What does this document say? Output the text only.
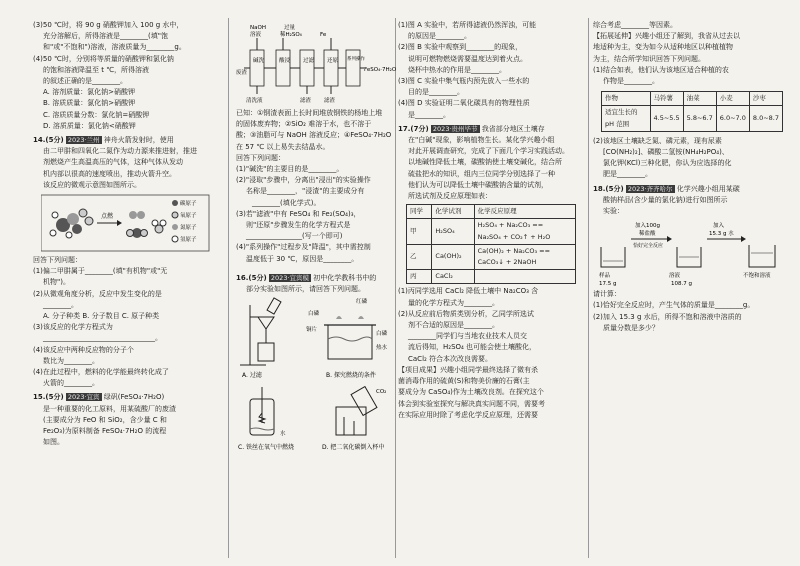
(3)50 ℃时，将 90 g 硝酸钾加入 100 g 水中，
充分溶解后，所得溶液是________(填"饱
和"或"不饱和")溶液，溶液质量为________g。
(4)50 ℃时，分别将等质量的硝酸钾和氯化钠
的饱和溶液降温至 t ℃，所得溶液
的叙述正确的是________。
A. 溶剂质量：氯化钠>硝酸钾
B. 溶质质量：氯化钠>硝酸钾
C. 溶质质量分数：氯化钠=硝酸钾
D. 溶质质量：氯化钠<硝酸钾
14.(5分) 2023·兰州 神舟火箭发射时，使用
由二甲肼和四氧化二氮作为动力源来推进射，推进
剂燃烧产生高温高压的气体，这种气体从发动
机内部以很高的速度喷出，推动火箭升空。
该反应的微观示意图如图所示。
点燃
碳原子
氧原子
氮原子
氢原子
回答下列问题：
(1)偏二甲肼属于________(填"有机物"或"无
机物")。
(2)从微观角度分析，反应中发生变化的是
________。
A. 分子种类 B. 分子数目 C. 原子种类
(3)该反应的化学方程式为
________________________________。
(4)该反应中两种反应物的分子个
数比为________。
(4)在此过程中，燃料的化学能最终转化成了
火箭的________。
15.(5分) 2023·宜宾 绿矾(FeSO₄·7H₂O)
是一种重要的化工原料，用某硫酸厂的废渣
(主要成分为 FeO 和 SiO₂，含少量 C 和
Fe₂O₃)为原料制备 FeSO₄·7H₂O 的流程
如图。
NaOH
溶液
过量
稀H₂SO₄	Fe
废渣
碱洗	酸浸 过滤 还原 系列操作
FeSO₄·7H₂O
清洗液	滤渣 滤渣
已知：①钢渣表面上长时间堆放钢铁的杨地上堆
的固体废弃物；②SiO₂ 难溶于水，也不溶于
酸；③油脂可与 NaOH 溶液反应；④FeSO₄·7H₂O
在 57 ℃ 以上易失去结晶水。
回答下列问题：
(1)"碱洗"的主要目的是________。
(2)"浸取"步骤中，分离出"浸出"的实验操作
名称是________，"浸渣"的主要成分有
________(填化学式)。
(3)若"滤液"中有 FeSO₄ 和 Fe₂(SO₄)₃，
则"还原"步骤发生的化学方程式是
________________(写一个即可)
(4)"系列操作"过程步及"降温"，其中需控制
温度低于 30 ℃，原因是________。
16.(5分) 2023·宜宾模 初中化学教科书中的
部分实验如图所示，请回答下列问题。
A. 过滤
红磷
白磷
白磷
热水
铜片
B. 探究燃烧的条件
水
C. 铁丝在氧气中燃烧
CO₂
D. 把二氧化碳倒入杯中
(1)图 A 实验中，若所得滤液仍然浑浊，可能
的原因是________。
(2)图 B 实验中观察到________的现象，
说明可燃物燃烧需要温度达到着火点。
烧杯中热水的作用是________。
(3)图 C 实验中集气瓶内预先放入一些水的
目的是________。
(4)图 D 实验证明二氧化碳具有的物理性质
是________。
17.(7分) 2023·贵州毕节 我省部分地区土壤存
在"白碱"现象，影响植物生长。某化学兴趣小组
对此开展调查研究，完成了下面几个学习实践活动。
以地碱性降低土壤，碳酸钠使土壤变碱化，结合所
硫盐把水的知识，组内三位同学分别选择了一种
他们认为可以降低土壤中碳酸钠含量的试剂，
所选试剂及反应原理如表：
同学	化学试剂	化学反应原理
甲	H₂SO₄	H₂SO₄ + Na₂CO₃ ==
Na₂SO₄ + CO₂↑ + H₂O

乙	Ca(OH)₂	Ca(OH)₂ + Na₂CO₃ ==
CaCO₃↓ + 2NaOH

丙	CaCl₂	
(1)丙同学选用 CaCl₂ 降低土壤中 Na₂CO₃ 含
量的化学方程式为________。
(2)从反应前后物质类别分析，乙同学所选试
剂不合适的原因是________。
________同学们与当地农业技术人员交
流后得知，H₂SO₄ 也可能会使土壤酸化，
CaCl₂ 符合本次改良需要。
【项目成果】兴趣小组同学最终选择了微有杀
菌消毒作用的硫黄(S)和物美价廉的石膏(主
要成分为 CaSO₄)作为土壤改良剂。在探究这个
体会到实验室探究与解决真实问题不同，需要考
在实际应用时除了考虑化学反应原理，还需要
综合考虑________等因素。
【拓展延伸】兴趣小组还了解到，我省从过去以
地适种为主，变为如今从适种地区以种植植物
为主，结合所学知识回答下列问题。
(1)结合如表，他们认为该地区适合种植的农
作物是________。
作物	马铃薯	油菜	小麦	沙枣
适宜生长的 pH 范围	4.5~5.5	5.8~6.7	6.0~7.0	8.0~8.7
(2)该地区土壤缺乏氮、磷元素，现有尿素
[CO(NH₂)₂]、磷酸二氢铵(NH₄H₂PO₄)、
氯化钾(KCl)三种化肥，你认为应选择的化
肥是________。
18.(5分) 2023·齐齐哈尔 化学兴趣小组用某碳
酸钠样品(含少量的氯化钠)进行如图所示
实验：
样品
17.5 g
加入100g
稀盐酸
恰好完全反应
溶液
108.7 g
加入
15.3 g 水
不饱和溶液
请计算：
(1)恰好完全反应时，产生气体的质量是________g。
(2)加入 15.3 g 水后，所得不饱和溶液中溶质的
质量分数是多少？
